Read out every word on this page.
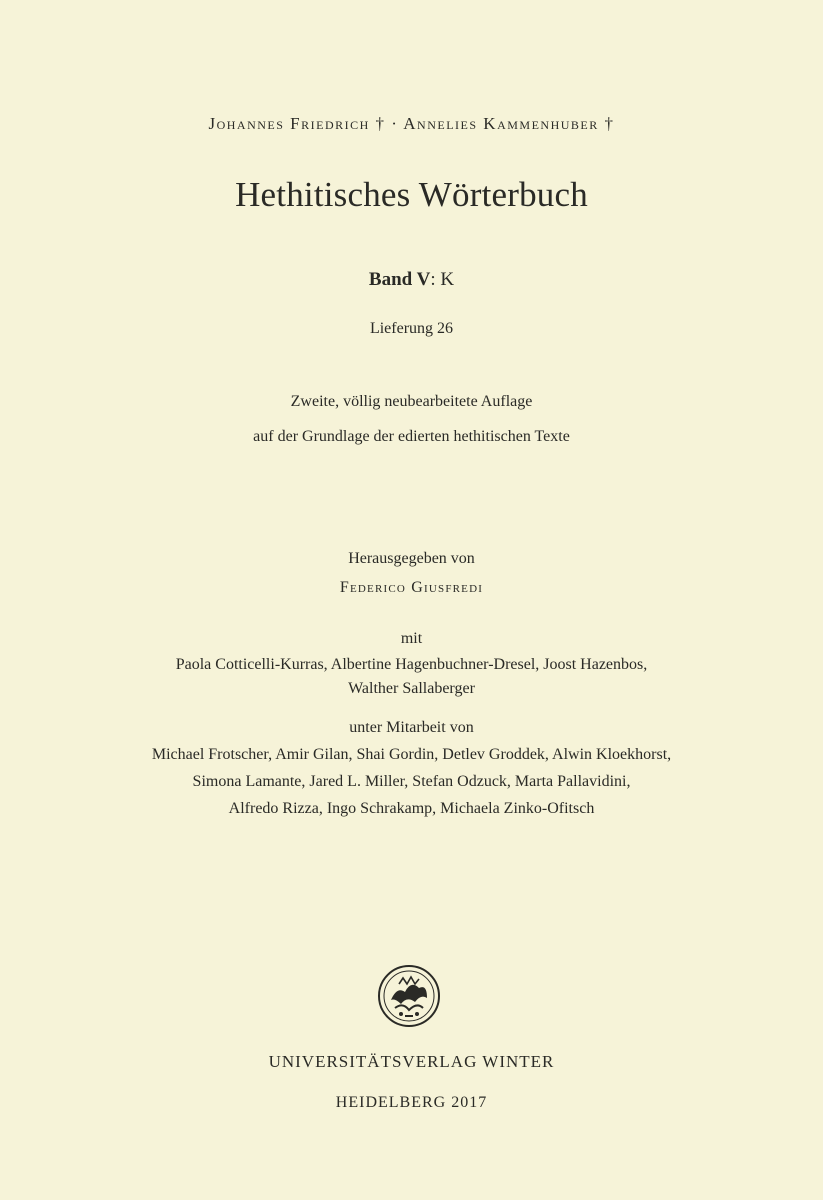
Johannes Friedrich † · Annelies Kammenhuber †
Hethitisches Wörterbuch
Band V: K
Lieferung 26
Zweite, völlig neubearbeitete Auflage
auf der Grundlage der edierten hethitischen Texte
Herausgegeben von
Federico Giusfredi
mit
Paola Cotticelli-Kurras, Albertine Hagenbuchner-Dresel, Joost Hazenbos,
Walther Sallaberger
unter Mitarbeit von
Michael Frotscher, Amir Gilan, Shai Gordin, Detlev Groddek, Alwin Kloekhorst,
Simona Lamante, Jared L. Miller, Stefan Odzuck, Marta Pallavidini,
Alfredo Rizza, Ingo Schrakamp, Michaela Zinko-Ofitsch
UNIVERSITÄTSVERLAG WINTER
HEIDELBERG 2017
